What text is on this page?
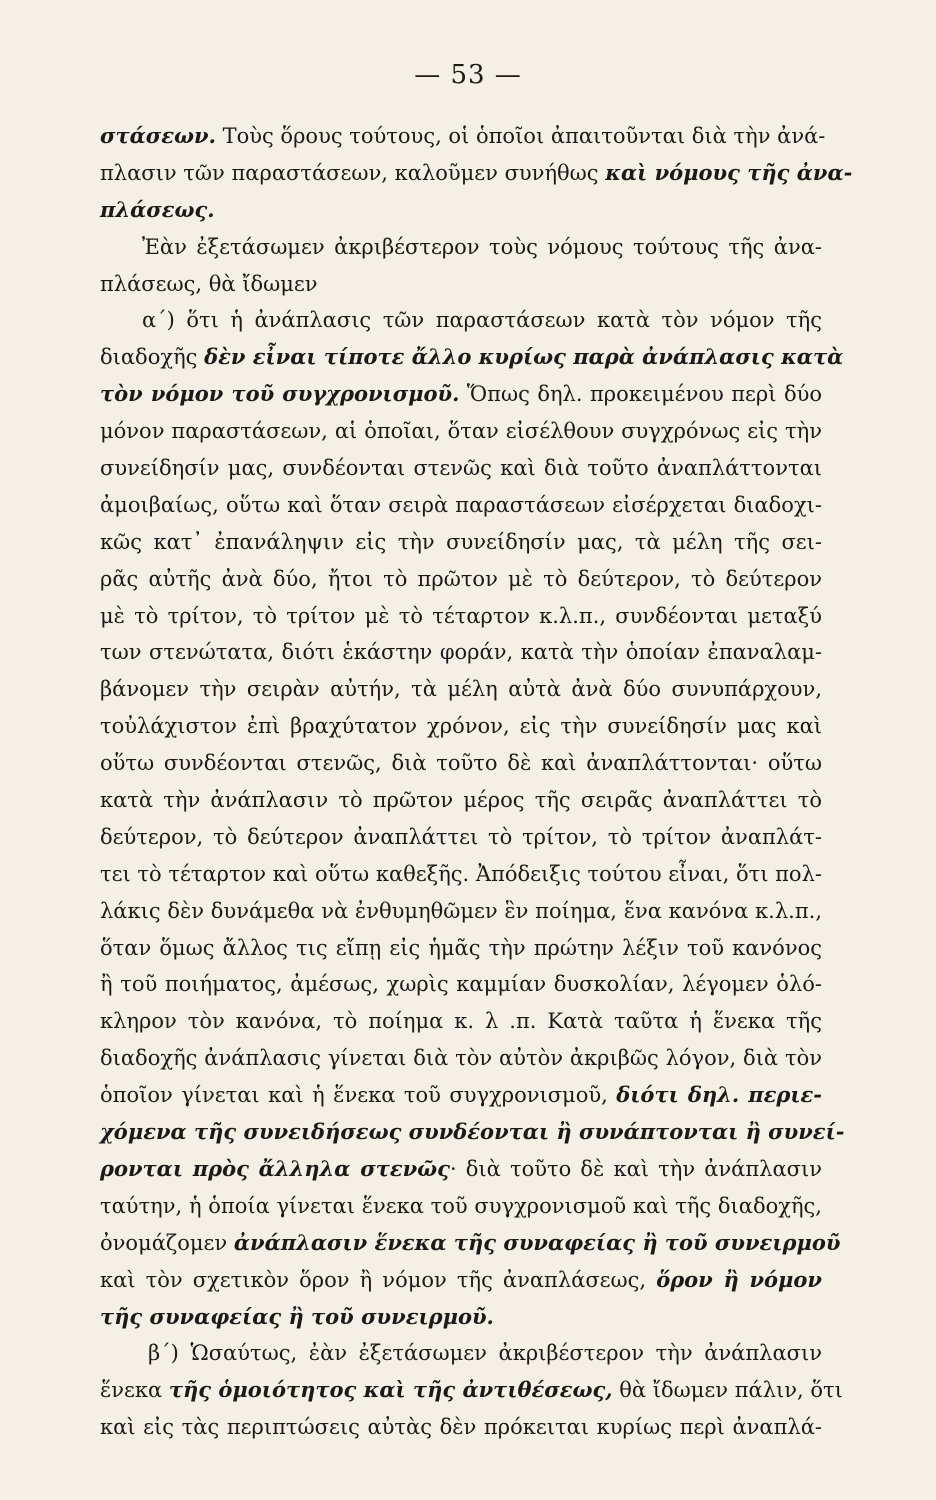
— 53 —
στάσεων. Τοὺς ὅρους τούτους, οἱ ὁποῖοι ἀπαιτοῦνται διὰ τὴν ἀνά-
πλασιν τῶν παραστάσεων, καλοῦμεν συνήθως καὶ νόμους τῆς ἀνα-
πλάσεως.
Ἐὰν ἐξετάσωμεν ἀκριβέστερον τοὺς νόμους τούτους τῆς ἀνα-
πλάσεως, θὰ ἴδωμεν
α΄) ὅτι ἡ ἀνάπλασις τῶν παραστάσεων κατὰ τὸν νόμον τῆς
διαδοχῆς δὲν εἶναι τίποτε ἄλλο κυρίως παρὰ ἀνάπλασις κατὰ
τὸν νόμον τοῦ συγχρονισμοῦ. Ὅπως δηλ. προκειμένου περὶ δύο
μόνον παραστάσεων, αἱ ὁποῖαι, ὅταν εἰσέλθουν συγχρόνως εἰς τὴν
συνείδησίν μας, συνδέονται στενῶς καὶ διὰ τοῦτο ἀναπλάττονται
ἀμοιβαίως, οὕτω καὶ ὅταν σειρὰ παραστάσεων εἰσέρχεται διαδοχι-
κῶς κατ᾽ ἐπανάληψιν εἰς τὴν συνείδησίν μας, τὰ μέλη τῆς σει-
ρᾶς αὐτῆς ἀνὰ δύο, ἤτοι τὸ πρῶτον μὲ τὸ δεύτερον, τὸ δεύτερον
μὲ τὸ τρίτον, τὸ τρίτον μὲ τὸ τέταρτον κ.λ.π., συνδέονται μεταξύ
των στενώτατα, διότι ἑκάστην φοράν, κατὰ τὴν ὁποίαν ἐπαναλαμ-
βάνομεν τὴν σειρὰν αὐτήν, τὰ μέλη αὐτὰ ἀνὰ δύο συνυπάρχουν,
τοὐλάχιστον ἐπὶ βραχύτατον χρόνον, εἰς τὴν συνείδησίν μας καὶ
οὕτω συνδέονται στενῶς, διὰ τοῦτο δὲ καὶ ἀναπλάττονται· οὕτω
κατὰ τὴν ἀνάπλασιν τὸ πρῶτον μέρος τῆς σειρᾶς ἀναπλάττει τὸ
δεύτερον, τὸ δεύτερον ἀναπλάττει τὸ τρίτον, τὸ τρίτον ἀναπλάτ-
τει τὸ τέταρτον καὶ οὕτω καθεξῆς. Ἀπόδειξις τούτου εἶναι, ὅτι πολ-
λάκις δὲν δυνάμεθα νὰ ἐνθυμηθῶμεν ἓν ποίημα, ἕνα κανόνα κ.λ.π.,
ὅταν ὅμως ἄλλος τις εἴπῃ εἰς ἡμᾶς τὴν πρώτην λέξιν τοῦ κανόνος
ἢ τοῦ ποιήματος, ἀμέσως, χωρὶς καμμίαν δυσκολίαν, λέγομεν ὁλό-
κληρον τὸν κανόνα, τὸ ποίημα κ. λ .π. Κατὰ ταῦτα ἡ ἕνεκα τῆς
διαδοχῆς ἀνάπλασις γίνεται διὰ τὸν αὐτὸν ἀκριβῶς λόγον, διὰ τὸν
ὁποῖον γίνεται καὶ ἡ ἕνεκα τοῦ συγχρονισμοῦ, διότι δηλ. περιε-
χόμενα τῆς συνειδήσεως συνδέονται ἢ συνάπτονται ἢ συνεί-
ρονται πρὸς ἄλληλα στενῶς· διὰ τοῦτο δὲ καὶ τὴν ἀνάπλασιν
ταύτην, ἡ ὁποία γίνεται ἕνεκα τοῦ συγχρονισμοῦ καὶ τῆς διαδοχῆς,
ὀνομάζομεν ἀνάπλασιν ἕνεκα τῆς συναφείας ἢ τοῦ συνειρμοῦ
καὶ τὸν σχετικὸν ὅρον ἢ νόμον τῆς ἀναπλάσεως, ὅρον ἢ νόμον
τῆς συναφείας ἢ τοῦ συνειρμοῦ.
β΄) Ὡσαύτως, ἐὰν ἐξετάσωμεν ἀκριβέστερον τὴν ἀνάπλασιν
ἕνεκα τῆς ὁμοιότητος καὶ τῆς ἀντιθέσεως, θὰ ἴδωμεν πάλιν, ὅτι
καὶ εἰς τὰς περιπτώσεις αὐτὰς δὲν πρόκειται κυρίως περὶ ἀναπλά-
